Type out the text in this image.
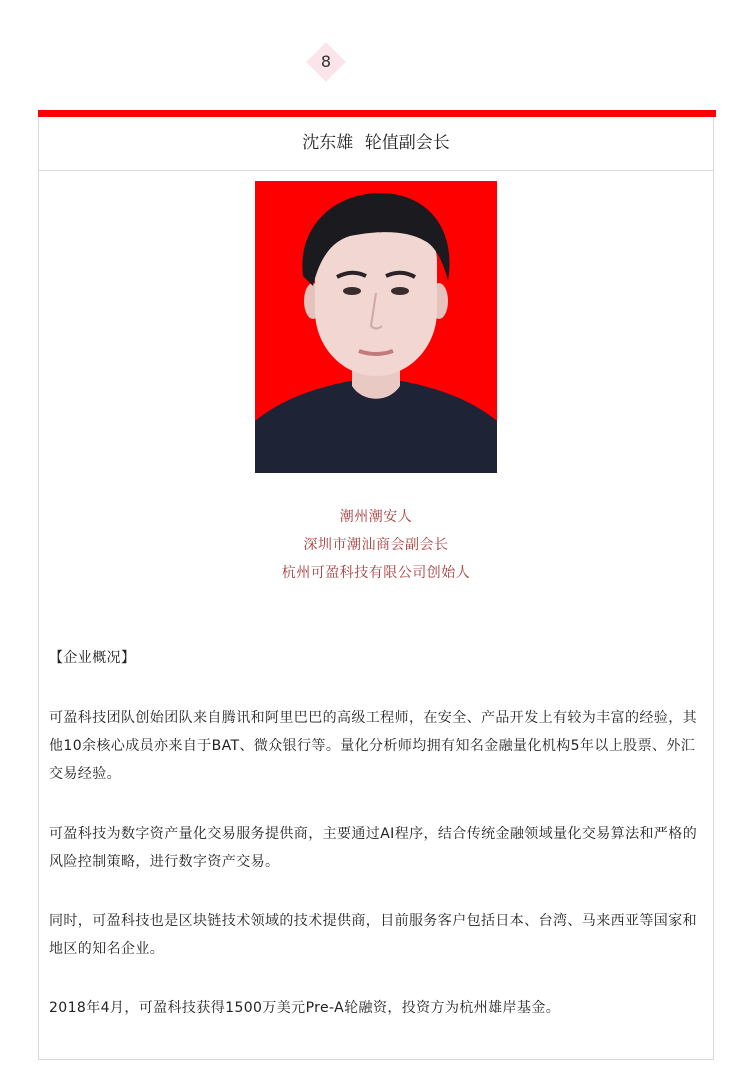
8
沈东雄 轮值副会长
潮州潮安人
深圳市潮汕商会副会长
杭州可盈科技有限公司创始人

【企业概况】

可盈科技团队创始团队来自腾讯和阿里巴巴的高级工程师，在安全、产品开发上有较为丰富的经验，其他10余核心成员亦来自于BAT、微众银行等。量化分析师均拥有知名金融量化机构5年以上股票、外汇交易经验。

可盈科技为数字资产量化交易服务提供商，主要通过AI程序，结合传统金融领域量化交易算法和严格的风险控制策略，进行数字资产交易。

同时，可盈科技也是区块链技术领域的技术提供商，目前服务客户包括日本、台湾、马来西亚等国家和地区的知名企业。

2018年4月，可盈科技获得1500万美元Pre-A轮融资，投资方为杭州雄岸基金。
